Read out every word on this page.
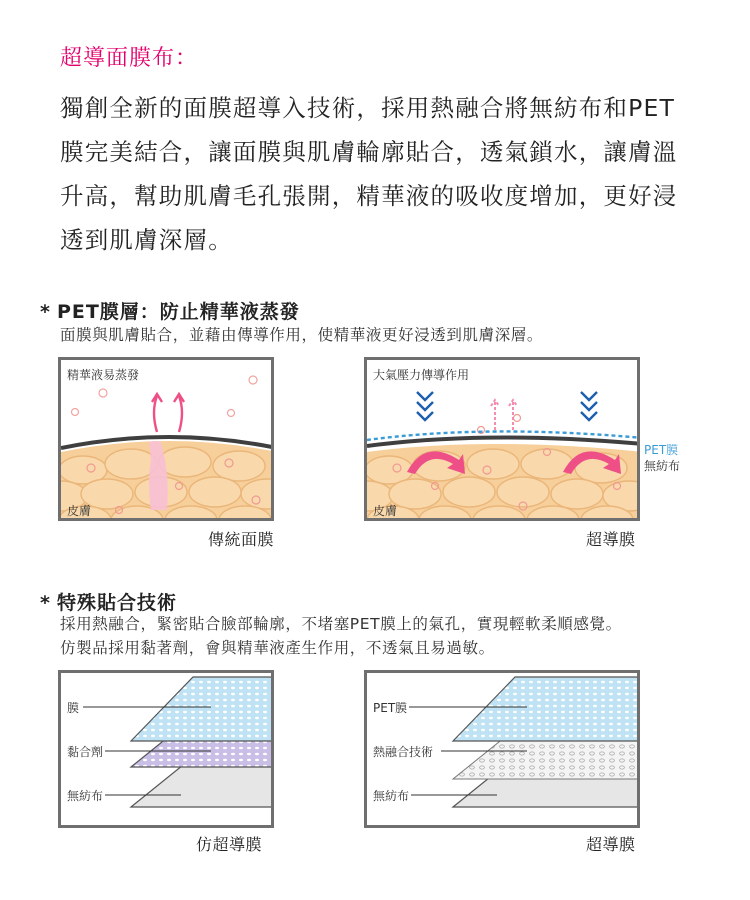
超導面膜布：
獨創全新的面膜超導入技術，採用熱融合將無紡布和PET
膜完美結合，讓面膜與肌膚輪廓貼合，透氣鎖水，讓膚溫
升高，幫助肌膚毛孔張開，精華液的吸收度增加，更好浸
透到肌膚深層。
* PET膜層：防止精華液蒸發
面膜與肌膚貼合，並藉由傳導作用，使精華液更好浸透到肌膚深層。
精華液易蒸發
皮膚
傳統面膜
大氣壓力傳導作用
皮膚
PET膜
無紡布
超導膜
* 特殊貼合技術
採用熱融合，緊密貼合臉部輪廓，不堵塞PET膜上的氣孔，實現輕軟柔順感覺。
仿製品採用黏著劑，會與精華液產生作用，不透氣且易過敏。
膜
黏合劑
無紡布
仿超導膜
PET膜
熱融合技術
無紡布
超導膜
